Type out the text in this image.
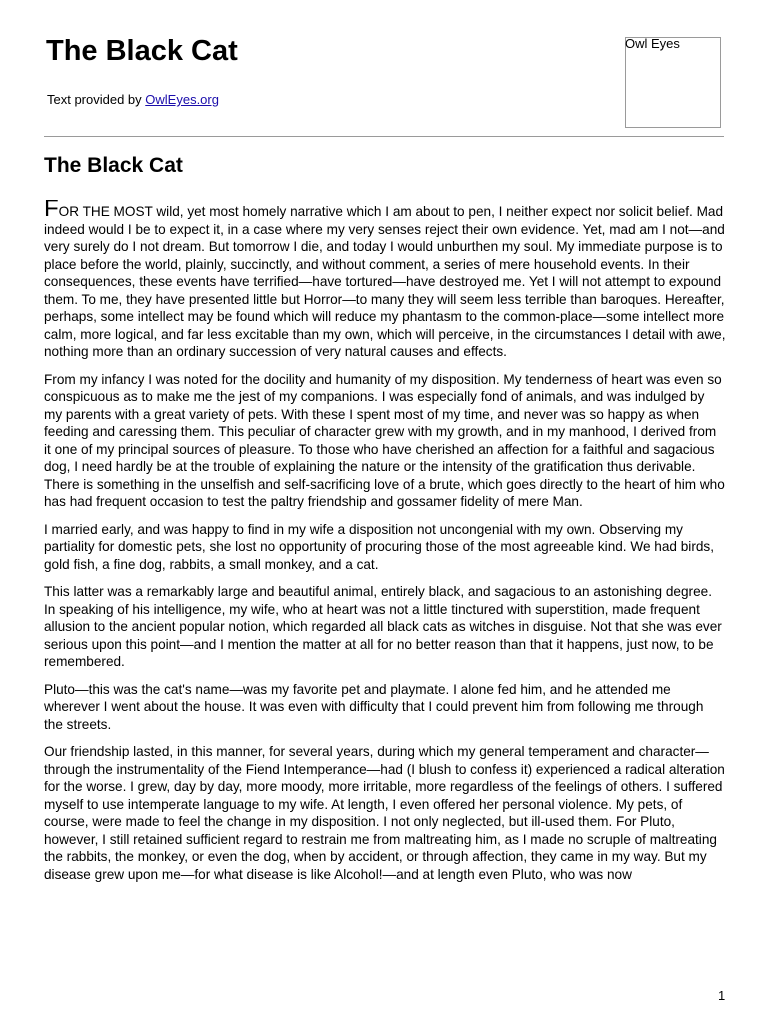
The Black Cat

Text provided by OwlEyes.org

Owl Eyes
The Black Cat

FOR THE MOST wild, yet most homely narrative which I am about to pen, I neither expect nor solicit belief. Mad indeed would I be to expect it, in a case where my very senses reject their own evidence. Yet, mad am I not—and very surely do I not dream. But tomorrow I die, and today I would unburthen my soul. My immediate purpose is to place before the world, plainly, succinctly, and without comment, a series of mere household events. In their consequences, these events have terrified—have tortured—have destroyed me. Yet I will not attempt to expound them. To me, they have presented little but Horror—to many they will seem less terrible than baroques. Hereafter, perhaps, some intellect may be found which will reduce my phantasm to the common-place—some intellect more calm, more logical, and far less excitable than my own, which will perceive, in the circumstances I detail with awe, nothing more than an ordinary succession of very natural causes and effects.

From my infancy I was noted for the docility and humanity of my disposition. My tenderness of heart was even so conspicuous as to make me the jest of my companions. I was especially fond of animals, and was indulged by my parents with a great variety of pets. With these I spent most of my time, and never was so happy as when feeding and caressing them. This peculiar of character grew with my growth, and in my manhood, I derived from it one of my principal sources of pleasure. To those who have cherished an affection for a faithful and sagacious dog, I need hardly be at the trouble of explaining the nature or the intensity of the gratification thus derivable. There is something in the unselfish and self-sacrificing love of a brute, which goes directly to the heart of him who has had frequent occasion to test the paltry friendship and gossamer fidelity of mere Man.

I married early, and was happy to find in my wife a disposition not uncongenial with my own. Observing my partiality for domestic pets, she lost no opportunity of procuring those of the most agreeable kind. We had birds, gold fish, a fine dog, rabbits, a small monkey, and a cat.

This latter was a remarkably large and beautiful animal, entirely black, and sagacious to an astonishing degree. In speaking of his intelligence, my wife, who at heart was not a little tinctured with superstition, made frequent allusion to the ancient popular notion, which regarded all black cats as witches in disguise. Not that she was ever serious upon this point—and I mention the matter at all for no better reason than that it happens, just now, to be remembered.

Pluto—this was the cat's name—was my favorite pet and playmate. I alone fed him, and he attended me wherever I went about the house. It was even with difficulty that I could prevent him from following me through the streets.

Our friendship lasted, in this manner, for several years, during which my general temperament and character—through the instrumentality of the Fiend Intemperance—had (I blush to confess it) experienced a radical alteration for the worse. I grew, day by day, more moody, more irritable, more regardless of the feelings of others. I suffered myself to use intemperate language to my wife. At length, I even offered her personal violence. My pets, of course, were made to feel the change in my disposition. I not only neglected, but ill-used them. For Pluto, however, I still retained sufficient regard to restrain me from maltreating him, as I made no scruple of maltreating the rabbits, the monkey, or even the dog, when by accident, or through affection, they came in my way. But my disease grew upon me—for what disease is like Alcohol!—and at length even Pluto, who was now

1
